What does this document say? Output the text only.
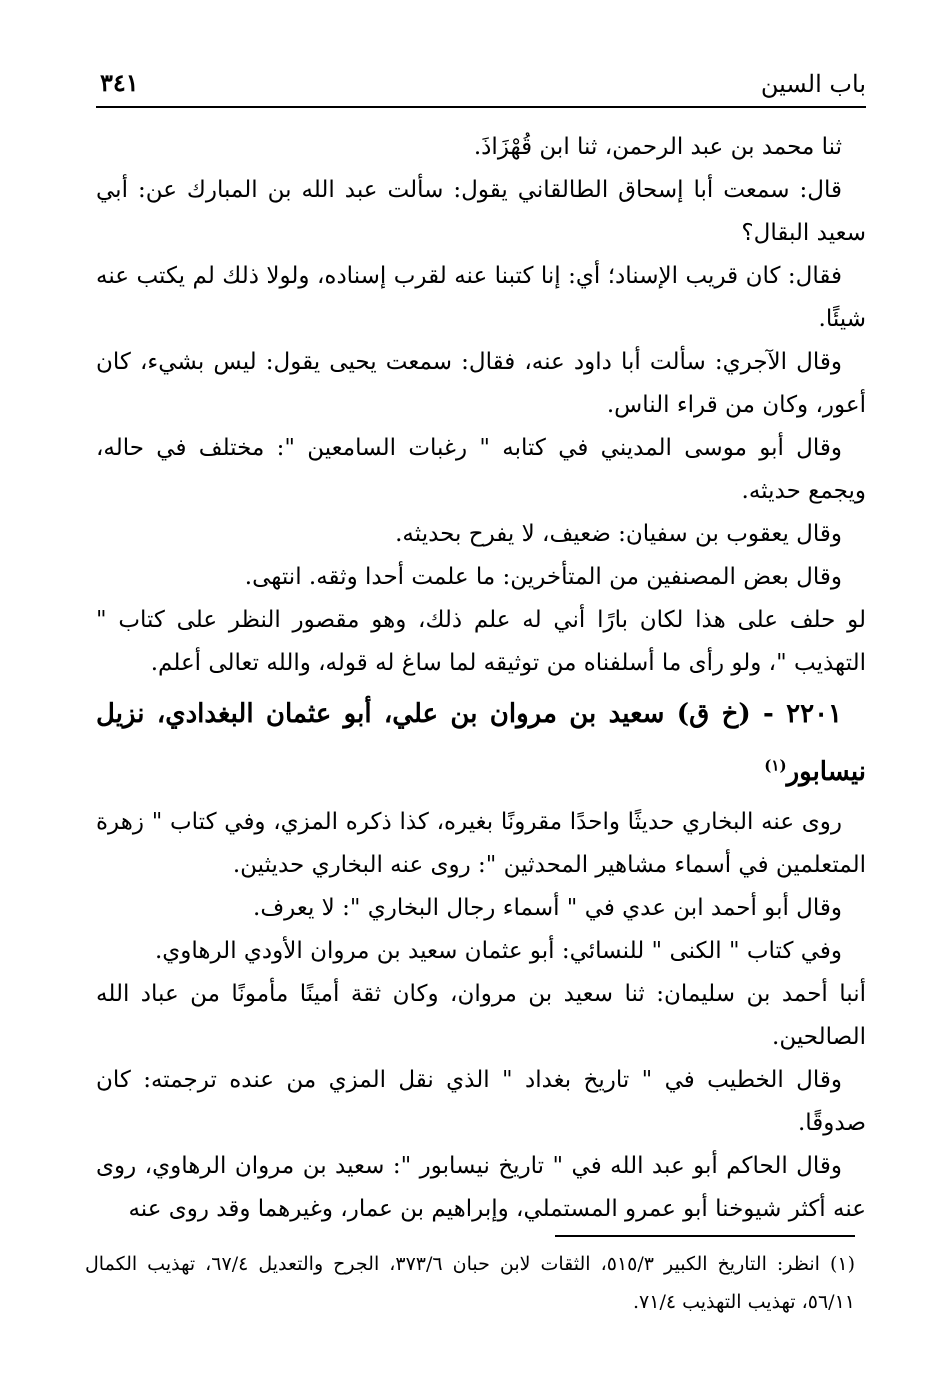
باب السين
٣٤١

ثنا محمد بن عبد الرحمن، ثنا ابن قُهْزَاذَ.

قال: سمعت أبا إسحاق الطالقاني يقول: سألت عبد الله بن المبارك عن: أبي سعيد البقال؟

فقال: كان قريب الإسناد؛ أي: إنا كتبنا عنه لقرب إسناده، ولولا ذلك لم يكتب عنه شيئًا.

وقال الآجري: سألت أبا داود عنه، فقال: سمعت يحيى يقول: ليس بشيء، كان أعور، وكان من قراء الناس.

وقال أبو موسى المديني في كتابه " رغبات السامعين ": مختلف في حاله، ويجمع حديثه.

وقال يعقوب بن سفيان: ضعيف، لا يفرح بحديثه.

وقال بعض المصنفين من المتأخرين: ما علمت أحدا وثقه. انتهى.

لو حلف على هذا لكان بارًا أني له علم ذلك، وهو مقصور النظر على كتاب " التهذيب "، ولو رأى ما أسلفناه من توثيقه لما ساغ له قوله، والله تعالى أعلم.

٢٢٠١ - (خ ق) سعيد بن مروان بن علي، أبو عثمان البغدادي، نزيل نيسابور$^{(١)}$

روى عنه البخاري حديثًا واحدًا مقرونًا بغيره، كذا ذكره المزي، وفي كتاب " زهرة المتعلمين في أسماء مشاهير المحدثين ": روى عنه البخاري حديثين.

وقال أبو أحمد ابن عدي في " أسماء رجال البخاري ": لا يعرف.

وفي كتاب " الكنى " للنسائي: أبو عثمان سعيد بن مروان الأودي الرهاوي.

أنبا أحمد بن سليمان: ثنا سعيد بن مروان، وكان ثقة أمينًا مأمونًا من عباد الله الصالحين.

وقال الخطيب في " تاريخ بغداد " الذي نقل المزي من عنده ترجمته: كان صدوقًا.

وقال الحاكم أبو عبد الله في " تاريخ نيسابور ": سعيد بن مروان الرهاوي، روى عنه أكثر شيوخنا أبو عمرو المستملي، وإبراهيم بن عمار، وغيرهما وقد روى عنه

(١) انظر: التاريخ الكبير ٥١٥/٣، الثقات لابن حبان ٣٧٣/٦، الجرح والتعديل ٦٧/٤، تهذيب الكمال ٥٦/١١، تهذيب التهذيب ٧١/٤.
